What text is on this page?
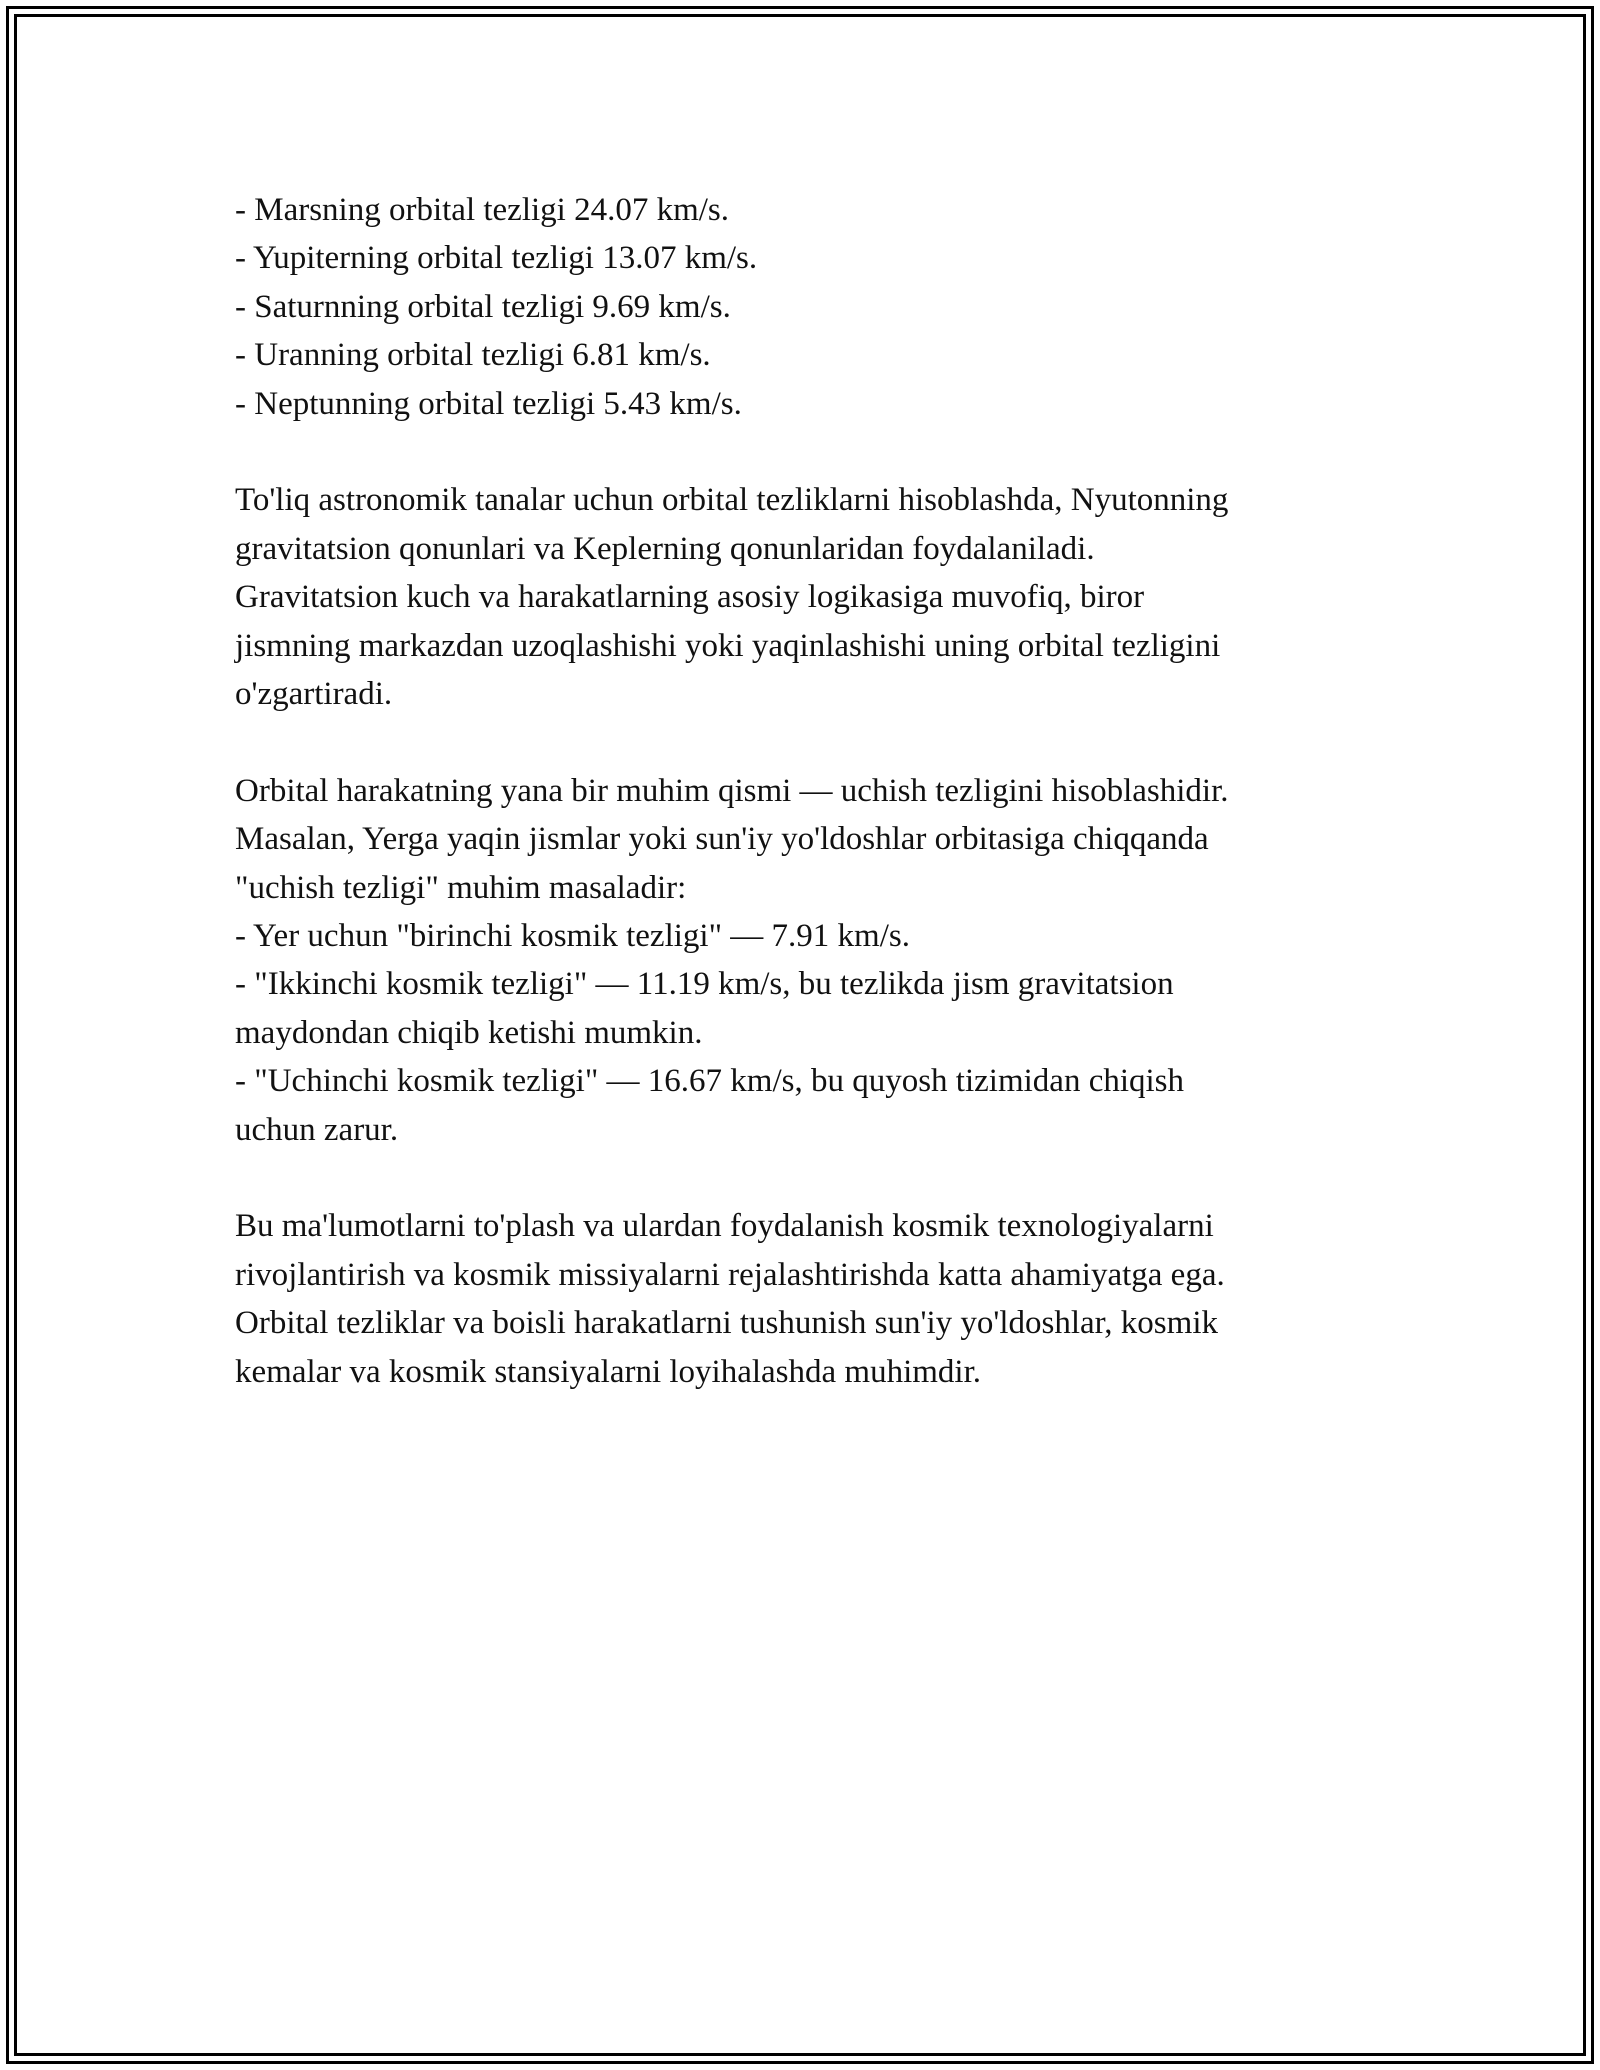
- Marsning orbital tezligi 24.07 km/s.
- Yupiterning orbital tezligi 13.07 km/s.
- Saturnning orbital tezligi 9.69 km/s.
- Uranning orbital tezligi 6.81 km/s.
- Neptunning orbital tezligi 5.43 km/s.
To'liq astronomik tanalar uchun orbital tezliklarni hisoblashda, Nyutonning
gravitatsion qonunlari va Keplerning qonunlaridan foydalaniladi.
Gravitatsion kuch va harakatlarning asosiy logikasiga muvofiq, biror
jismning markazdan uzoqlashishi yoki yaqinlashishi uning orbital tezligini
o'zgartiradi.
Orbital harakatning yana bir muhim qismi — uchish tezligini hisoblashidir.
Masalan, Yerga yaqin jismlar yoki sun'iy yo'ldoshlar orbitasiga chiqqanda
"uchish tezligi" muhim masaladir:
- Yer uchun "birinchi kosmik tezligi" — 7.91 km/s.
- "Ikkinchi kosmik tezligi" — 11.19 km/s, bu tezlikda jism gravitatsion
maydondan chiqib ketishi mumkin.
- "Uchinchi kosmik tezligi" — 16.67 km/s, bu quyosh tizimidan chiqish
uchun zarur.
Bu ma'lumotlarni to'plash va ulardan foydalanish kosmik texnologiyalarni
rivojlantirish va kosmik missiyalarni rejalashtirishda katta ahamiyatga ega.
Orbital tezliklar va boisli harakatlarni tushunish sun'iy yo'ldoshlar, kosmik
kemalar va kosmik stansiyalarni loyihalashda muhimdir.
